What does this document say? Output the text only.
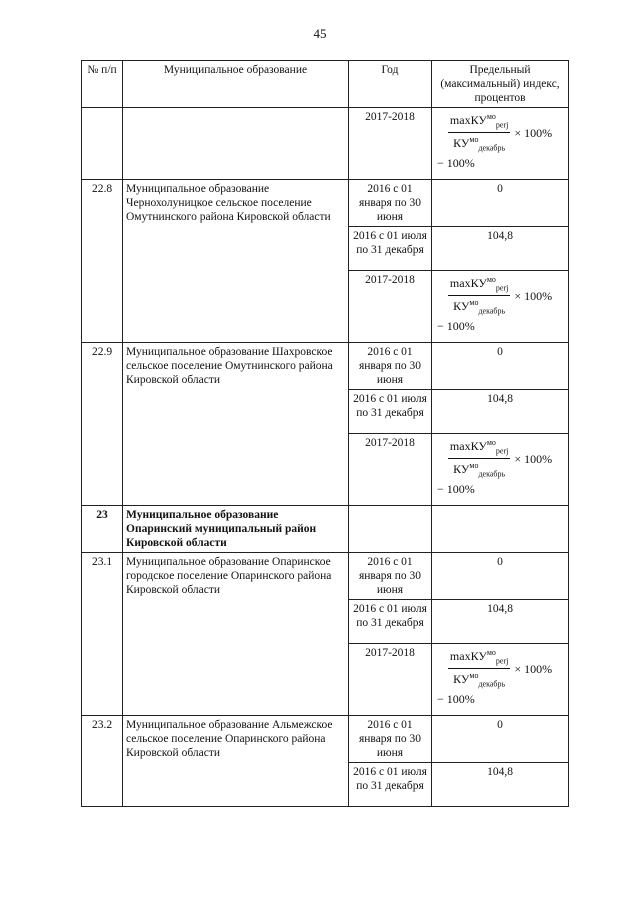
45
№ п/п	Муниципальное образование	Год	Предельный (максимальный) индекс, процентов
		2017-2018	$\frac{\max КУ^{мо}_{perj}}{КУ^{мо}_{декабрь}} \times 100\%$
− 100%

22.8	Муниципальное образование Чернохолуницкое сельское поселение Омутнинского района Кировской области	2016 с 01 января по 30 июня	0
		2016 с 01 июля по 31 декабря	104,8
		2017-2018	$\frac{\max КУ^{мо}_{perj}}{КУ^{мо}_{декабрь}} \times 100\%$
− 100%

22.9	Муниципальное образование Шахровское сельское поселение Омутнинского района Кировской области	2016 с 01 января по 30 июня	0
		2016 с 01 июля по 31 декабря	104,8
		2017-2018	$\frac{\max КУ^{мо}_{perj}}{КУ^{мо}_{декабрь}} \times 100\%$
− 100%

23	Муниципальное образование Опаринский муниципальный район Кировской области		
23.1	Муниципальное образование Опаринское городское поселение Опаринского района Кировской области	2016 с 01 января по 30 июня	0
		2016 с 01 июля по 31 декабря	104,8
		2017-2018	$\frac{\max КУ^{мо}_{perj}}{КУ^{мо}_{декабрь}} \times 100\%$
− 100%

23.2	Муниципальное образование Альмежское сельское поселение Опаринского района Кировской области	2016 с 01 января по 30 июня	0
		2016 с 01 июля по 31 декабря	104,8
